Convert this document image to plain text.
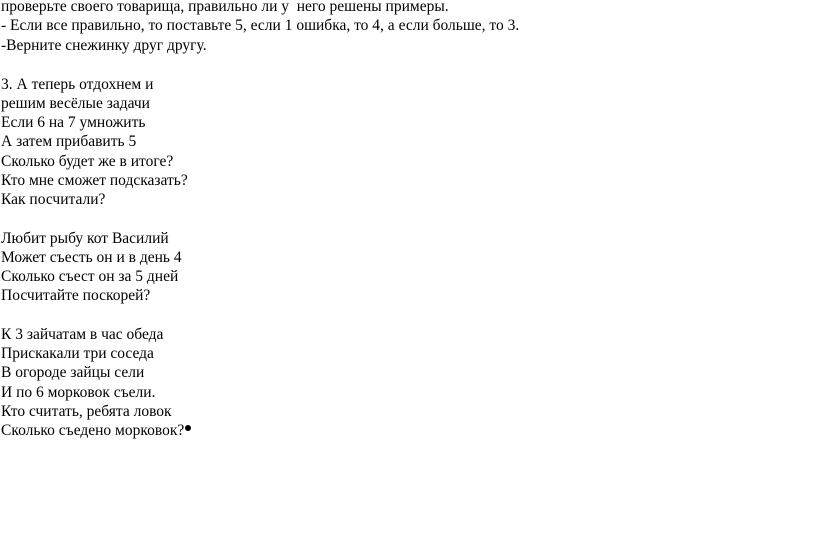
проверьте своего товарища, правильно ли у  него решены примеры.
- Если все правильно, то поставьте 5, если 1 ошибка, то 4, а если больше, то 3.
-Верните снежинку друг другу.
3. А теперь отдохнем и
решим весёлые задачи
Если 6 на 7 умножить
А затем прибавить 5
Сколько будет же в итоге?
Кто мне сможет подсказать?
Как посчитали?
Любит рыбу кот Василий
Может съесть он и в день 4
Сколько съест он за 5 дней
Посчитайте поскорей?
К 3 зайчатам в час обеда
Прискакали три соседа
В огороде зайцы сели
И по 6 морковок съели.
Кто считать, ребята ловок
Сколько съедено морковок?
